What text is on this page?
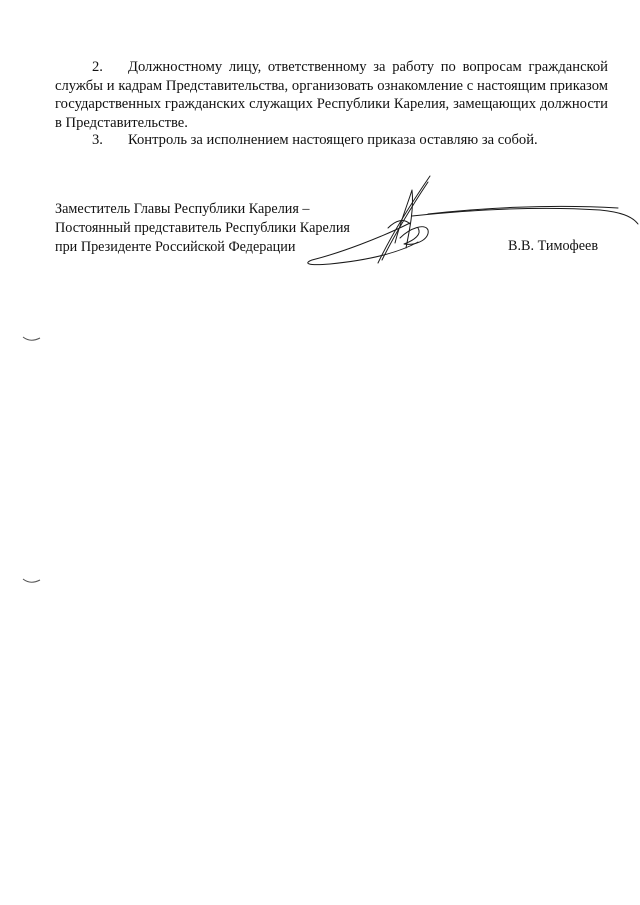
2. Должностному лицу, ответственному за работу по вопросам гражданской службы и кадрам Представительства, организовать ознакомление с настоящим приказом государственных гражданских служащих Республики Карелия, замещающих должности в Представительстве.
3. Контроль за исполнением настоящего приказа оставляю за собой.
Заместитель Главы Республики Карелия –
Постоянный представитель Республики Карелия
при Президенте Российской Федерации	В.В. Тимофеев
